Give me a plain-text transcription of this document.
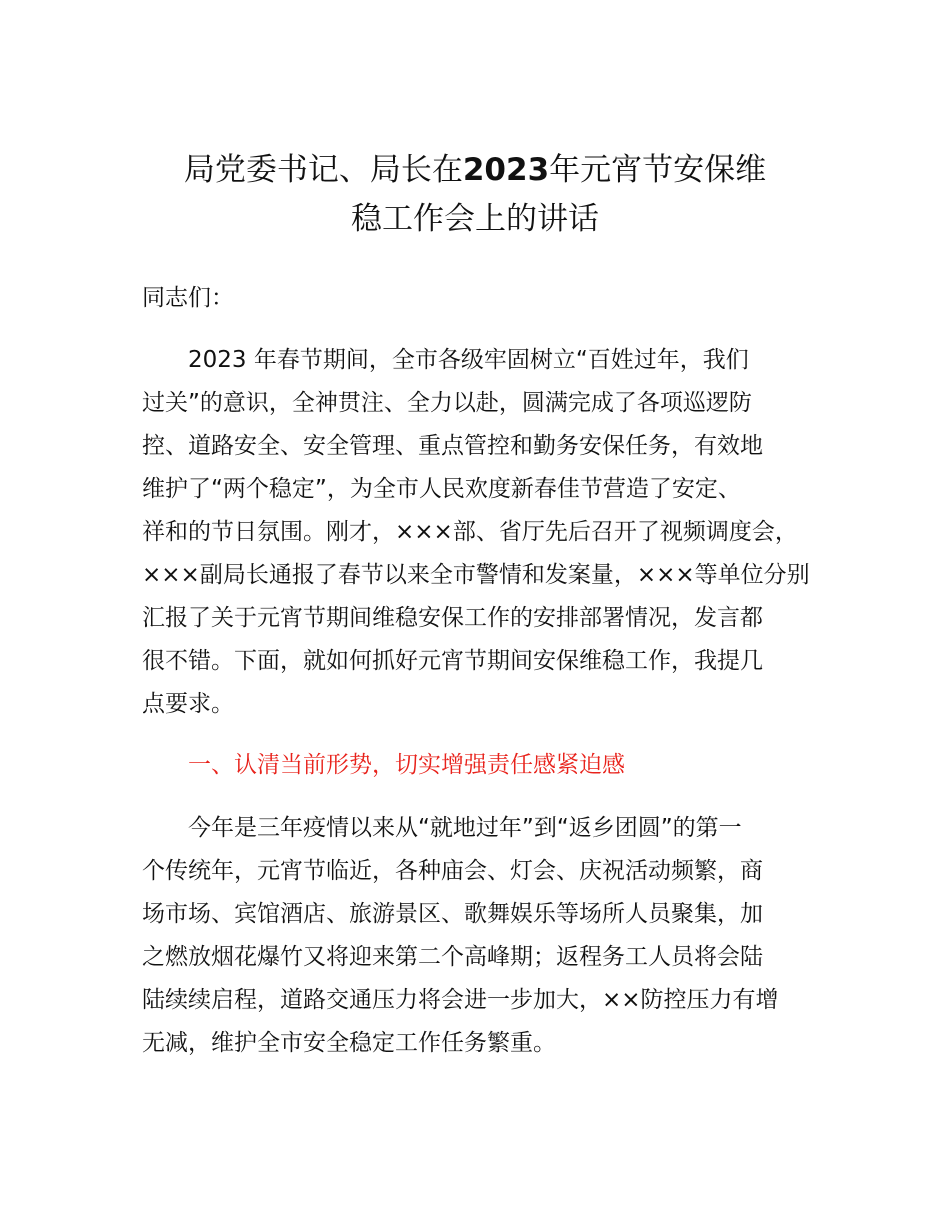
局党委书记、局长在2023年元宵节安保维
稳工作会上的讲话
同志们：
2023 年春节期间，全市各级牢固树立“百姓过年，我们
过关”的意识，全神贯注、全力以赴，圆满完成了各项巡逻防
控、道路安全、安全管理、重点管控和勤务安保任务，有效地
维护了“两个稳定”，为全市人民欢度新春佳节营造了安定、
祥和的节日氛围。刚才，×××部、省厅先后召开了视频调度会，
×××副局长通报了春节以来全市警情和发案量，×××等单位分别
汇报了关于元宵节期间维稳安保工作的安排部署情况，发言都
很不错。下面，就如何抓好元宵节期间安保维稳工作，我提几
点要求。
一、认清当前形势，切实增强责任感紧迫感
今年是三年疫情以来从“就地过年”到“返乡团圆”的第一
个传统年，元宵节临近，各种庙会、灯会、庆祝活动频繁，商
场市场、宾馆酒店、旅游景区、歌舞娱乐等场所人员聚集，加
之燃放烟花爆竹又将迎来第二个高峰期；返程务工人员将会陆
陆续续启程，道路交通压力将会进一步加大，××防控压力有增
无减，维护全市安全稳定工作任务繁重。
